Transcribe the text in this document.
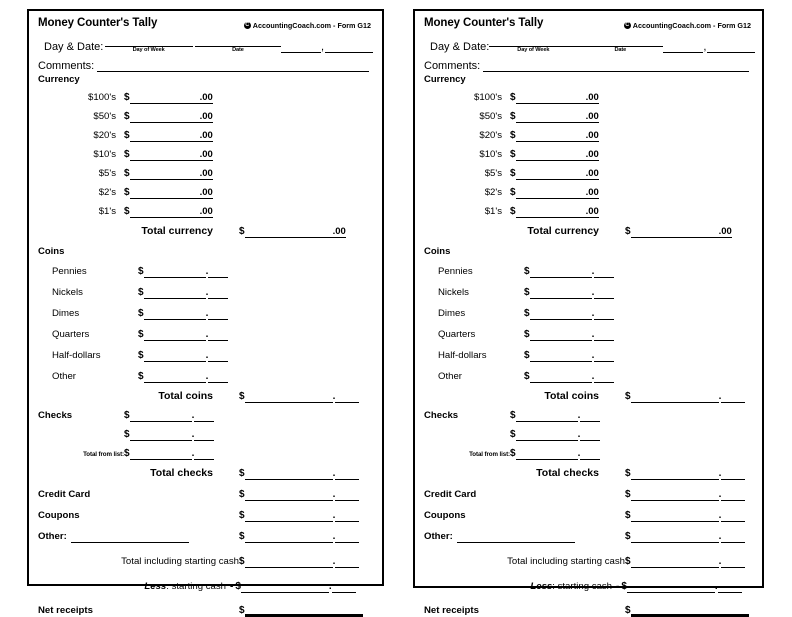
Money Counter's Tally	C AccountingCoach.com - Form G12
Day & Date:	Day of Week	Date	,
Comments:
Currency
$100's $	.00
$50's $	.00
$20's $	.00
$10's $	.00
$5's $	.00
$2's $	.00
$1's $	.00
Total currency	$	.00
Coins
Pennies	$	.
Nickels	$	.
Dimes	$	.
Quarters	$	.
Half-dollars	$	.
Other	$	.
Total coins	$	.
Checks	$	.
$	.
Total from list: $	.
Total checks	$	.
Credit Card	$	.
Coupons	$	.
Other:	$	.
Total including starting cash $	.
Less: starting cash - $	.
Net receipts	$
Money Counter's Tally	C AccountingCoach.com - Form G12
Day & Date:	Day of Week	Date	,
Comments:
Currency
$100's $	.00
$50's $	.00
$20's $	.00
$10's $	.00
$5's $	.00
$2's $	.00
$1's $	.00
Total currency	$	.00
Coins
Pennies	$	.
Nickels	$	.
Dimes	$	.
Quarters	$	.
Half-dollars	$	.
Other	$	.
Total coins	$	.
Checks	$	.
$	.
Total from list: $	.
Total checks	$	.
Credit Card	$	.
Coupons	$	.
Other:	$	.
Total including starting cash $	.
Less: starting cash - $	.
Net receipts	$
